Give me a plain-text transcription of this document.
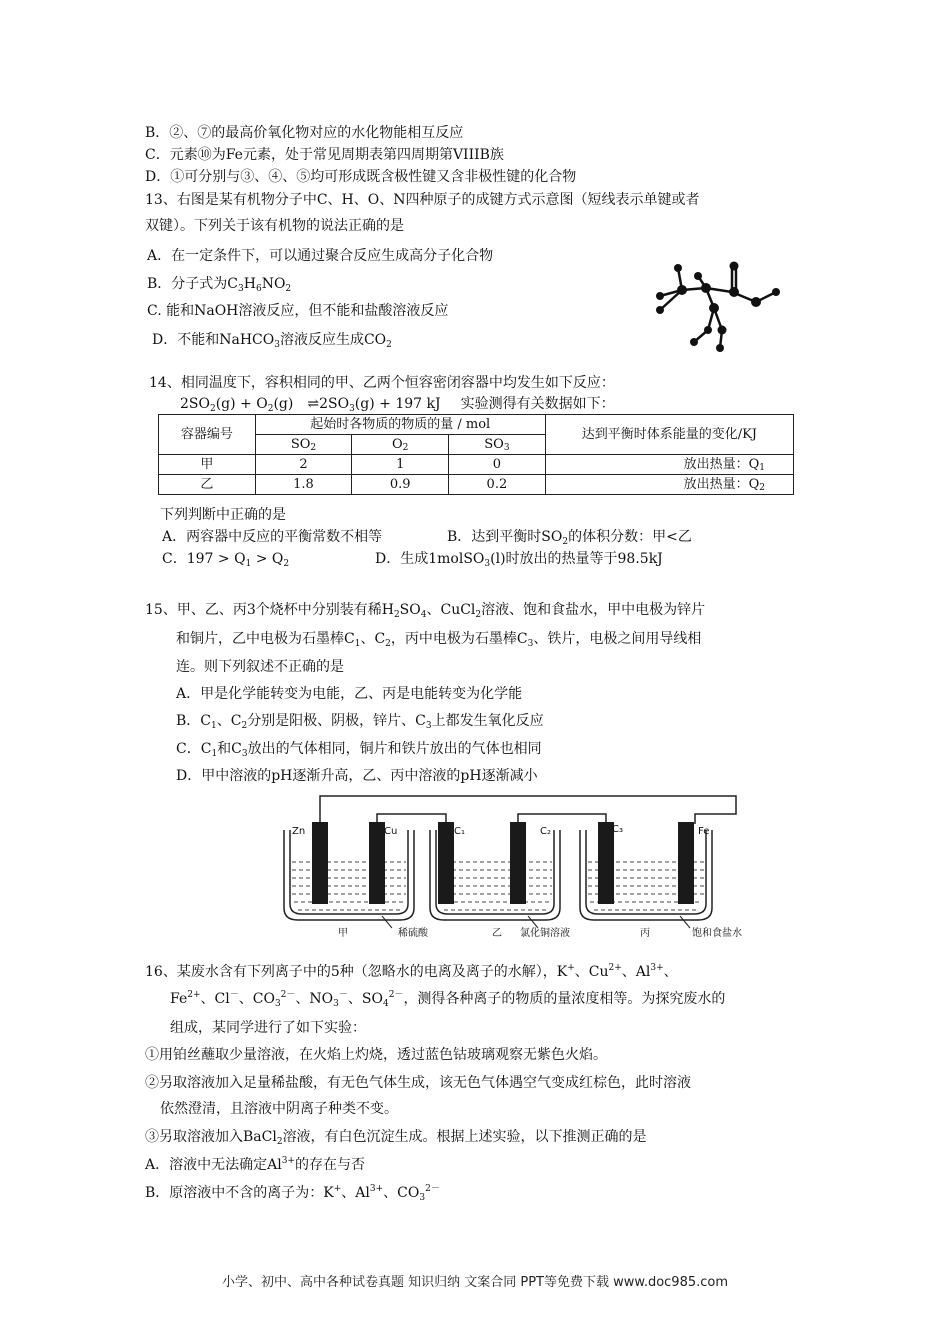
B．②、⑦的最高价氧化物对应的水化物能相互反应
C．元素⑩为Fe元素，处于常见周期表第四周期第VIIIB族
D．①可分别与③、④、⑤均可形成既含极性键又含非极性键的化合物
13、右图是某有机物分子中C、H、O、N四种原子的成键方式示意图（短线表示单键或者
双键）。下列关于该有机物的说法正确的是
A．在一定条件下，可以通过聚合反应生成高分子化合物
B．分子式为$C_3H_6NO_2$
C. 能和NaOH溶液反应，但不能和盐酸溶液反应
D．不能和NaHCO$_3$溶液反应生成$CO_2$
14、相同温度下，容积相同的甲、乙两个恒容密闭容器中均发生如下反应：
$2SO_2(g) + O_2(g)$ $\rightleftharpoons 2SO_3(g) + 197$ kJ 实验测得有关数据如下：
容器编号	起始时各物质的物质的量 / mol			达到平衡时体系能量的变化/KJ
	$SO_2$	$O_2$	$SO_3$
甲	2	1	0	放出热量：$Q_1$
乙	1.8	0.9	0.2	放出热量：$Q_2$
下列判断中正确的是
A．两容器中反应的平衡常数不相等	B．达到平衡时$SO_2$的体积分数：甲<乙
C．$197 > Q_1 > Q_2$	D．生成1molSO$_3$(l)时放出的热量等于98.5kJ
15、甲、乙、丙3个烧杯中分别装有稀$H_2SO_4$、CuCl$_2$溶液、饱和食盐水，甲中电极为锌片
和铜片，乙中电极为石墨棒$C_1$、$C_2$，丙中电极为石墨棒$C_3$、铁片，电极之间用导线相
连。则下列叙述不正确的是
A．甲是化学能转变为电能，乙、丙是电能转变为化学能
B．$C_1$、$C_2$分别是阳极、阴极，锌片、$C_3$上都发生氧化反应
C．$C_1$和$C_3$放出的气体相同，铜片和铁片放出的气体也相同
D．甲中溶液的pH逐渐升高，乙、丙中溶液的pH逐渐减小
Zn	Cu	C₁	C₂	C₃	Fe
甲	稀硫酸	乙 氯化铜溶液	丙	饱和食盐水
16、某废水含有下列离子中的5种（忽略水的电离及离子的水解），K+、$Cu^{2+}$、$Al^{3+}$、
$Fe^{2+}$、Cl－、$CO_3^{2-}$、$NO_3^-$、$SO_4^{2-}$，测得各种离子的物质的量浓度相等。为探究废水的
组成，某同学进行了如下实验：
①用铂丝蘸取少量溶液，在火焰上灼烧，透过蓝色钴玻璃观察无紫色火焰。
②另取溶液加入足量稀盐酸，有无色气体生成，该无色气体遇空气变成红棕色，此时溶液
依然澄清，且溶液中阴离子种类不变。
③另取溶液加入BaCl$_2$溶液，有白色沉淀生成。根据上述实验，以下推测正确的是
A．溶液中无法确定$Al^{3+}$的存在与否
B．原溶液中不含的离子为：K+、$Al^{3+}$、$CO_3^{2-}$
小学、初中、高中各种试卷真题 知识归纳 文案合同 PPT等免费下载 www.doc985.com
